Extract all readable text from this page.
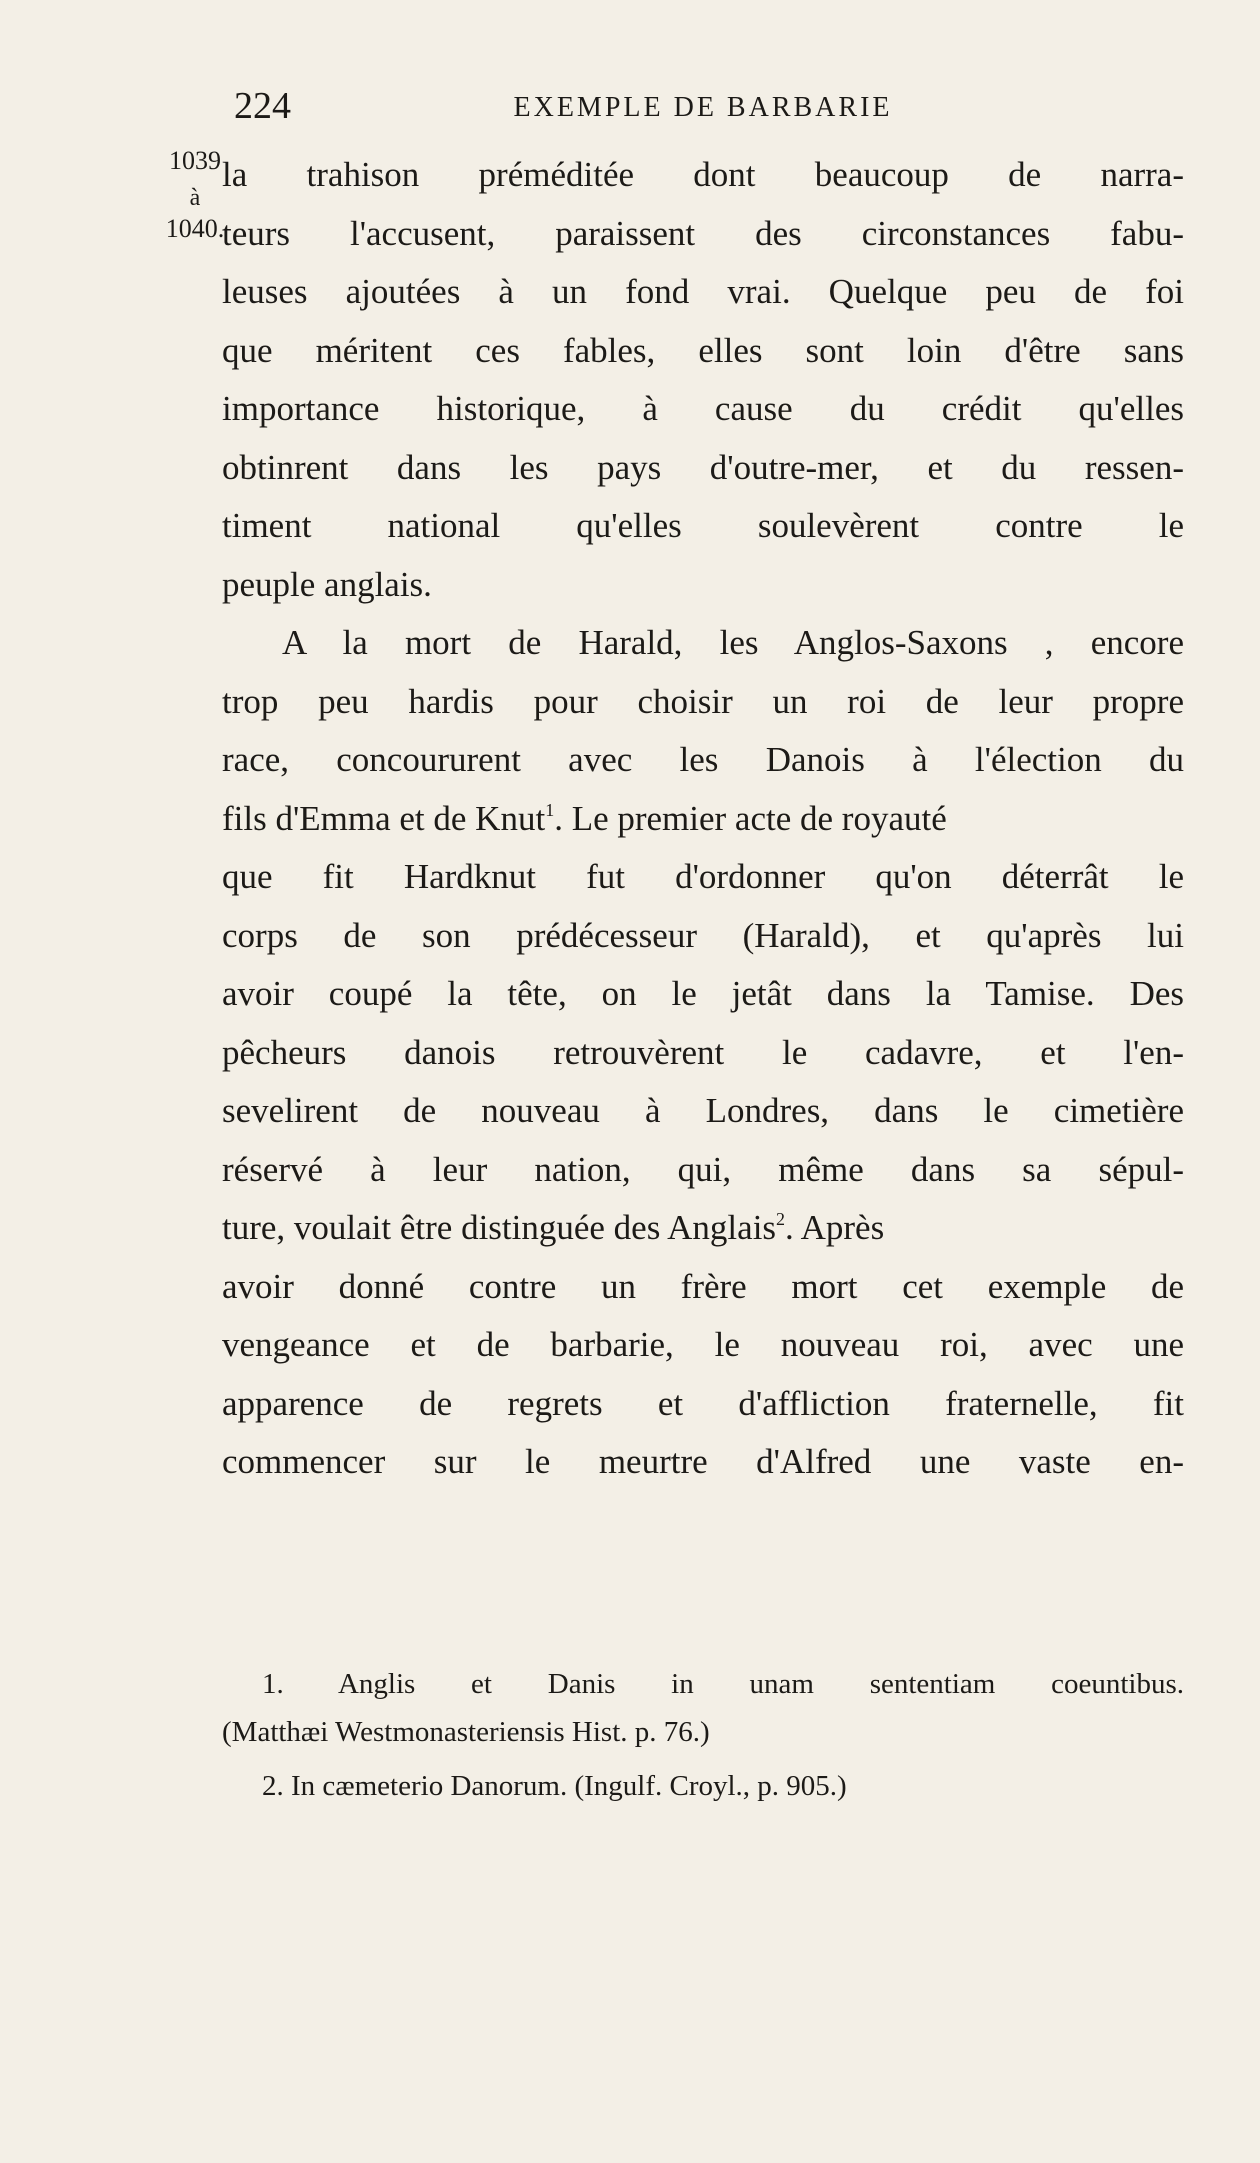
224	EXEMPLE DE BARBARIE
1039
à
1040.
la trahison préméditée dont beaucoup de narra-
teurs l'accusent, paraissent des circonstances fabu-
leuses ajoutées à un fond vrai. Quelque peu de foi
que méritent ces fables, elles sont loin d'être sans
importance historique, à cause du crédit qu'elles
obtinrent dans les pays d'outre-mer, et du ressen-
timent national qu'elles soulevèrent contre le
peuple anglais.
A la mort de Harald, les Anglos-Saxons , encore
trop peu hardis pour choisir un roi de leur propre
race, concoururent avec les Danois à l'élection du
fils d'Emma et de Knut$^1$. Le premier acte de royauté
que fit Hardknut fut d'ordonner qu'on déterrât le
corps de son prédécesseur (Harald), et qu'après lui
avoir coupé la tête, on le jetât dans la Tamise. Des
pêcheurs danois retrouvèrent le cadavre, et l'en-
sevelirent de nouveau à Londres, dans le cimetière
réservé à leur nation, qui, même dans sa sépul-
ture, voulait être distinguée des Anglais$^2$. Après
avoir donné contre un frère mort cet exemple de
vengeance et de barbarie, le nouveau roi, avec une
apparence de regrets et d'affliction fraternelle, fit
commencer sur le meurtre d'Alfred une vaste en-
1. Anglis et Danis in unam sententiam coeuntibus.
(Matthæi Westmonasteriensis Hist. p. 76.)
2. In cæmeterio Danorum. (Ingulf. Croyl., p. 905.)
